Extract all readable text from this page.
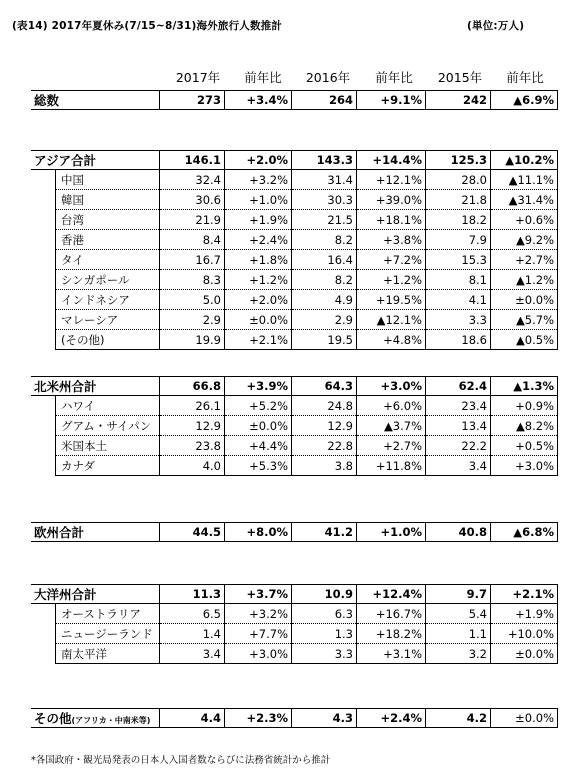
(表14) 2017年夏休み(7/15~8/31)海外旅行人数推計	(単位:万人)
2017年	前年比	2016年	前年比	2015年	前年比
総数	273	+3.4%	264	+9.1%	242	▲6.9%
アジア合計		146.1	+2.0%	143.3	+14.4%	125.3	▲10.2%
	中国	32.4	+3.2%	31.4	+12.1%	28.0	▲11.1%
	韓国	30.6	+1.0%	30.3	+39.0%	21.8	▲31.4%
	台湾	21.9	+1.9%	21.5	+18.1%	18.2	+0.6%
	香港	8.4	+2.4%	8.2	+3.8%	7.9	▲9.2%
	タイ	16.7	+1.8%	16.4	+7.2%	15.3	+2.7%
	シンガポール	8.3	+1.2%	8.2	+1.2%	8.1	▲1.2%
	インドネシア	5.0	+2.0%	4.9	+19.5%	4.1	±0.0%
	マレーシア	2.9	±0.0%	2.9	▲12.1%	3.3	▲5.7%
	(その他)	19.9	+2.1%	19.5	+4.8%	18.6	▲0.5%
北米州合計		66.8	+3.9%	64.3	+3.0%	62.4	▲1.3%
	ハワイ	26.1	+5.2%	24.8	+6.0%	23.4	+0.9%
	グアム・サイパン	12.9	±0.0%	12.9	▲3.7%	13.4	▲8.2%
	米国本土	23.8	+4.4%	22.8	+2.7%	22.2	+0.5%
	カナダ	4.0	+5.3%	3.8	+11.8%	3.4	+3.0%
欧州合計	44.5	+8.0%	41.2	+1.0%	40.8	▲6.8%
大洋州合計		11.3	+3.7%	10.9	+12.4%	9.7	+2.1%
	オーストラリア	6.5	+3.2%	6.3	+16.7%	5.4	+1.9%
	ニュージーランド	1.4	+7.7%	1.3	+18.2%	1.1	+10.0%
	南太平洋	3.4	+3.0%	3.3	+3.1%	3.2	±0.0%
その他(アフリカ・中南米等)	4.4	+2.3%	4.3	+2.4%	4.2	±0.0%
*各国政府・観光局発表の日本人入国者数ならびに法務省統計から推計
